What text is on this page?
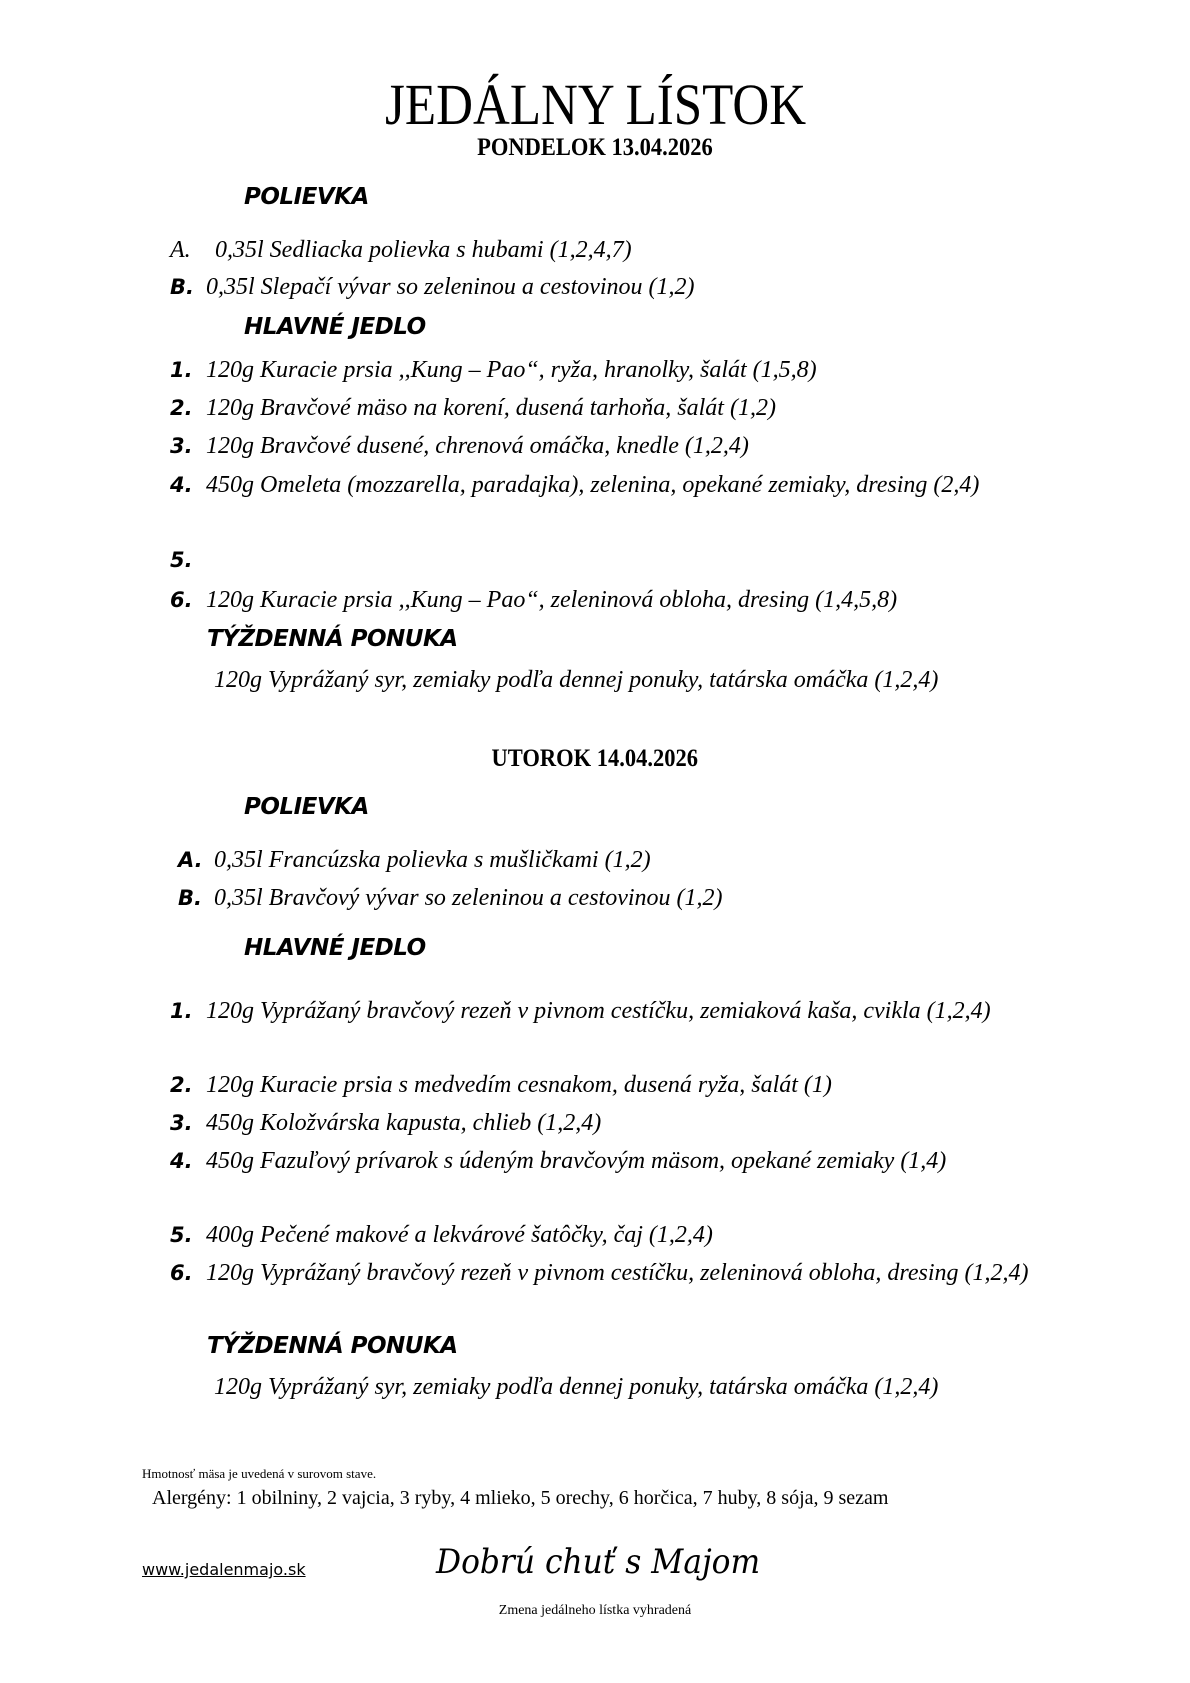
JEDÁLNY LÍSTOK
PONDELOK 13.04.2026
POLIEVKA
A. 0,35l Sedliacka polievka s hubami (1,2,4,7)
B. 0,35l Slepačí vývar so zeleninou a cestovinou (1,2)
HLAVNÉ JEDLO
1. 120g Kuracie prsia ,,Kung – Pao“, ryža, hranolky, šalát (1,5,8)
2. 120g Bravčové mäso na korení, dusená tarhoňa, šalát (1,2)
3. 120g Bravčové dusené, chrenová omáčka, knedle (1,2,4)
4. 450g Omeleta (mozzarella, paradajka), zelenina, opekané zemiaky, dresing (2,4)
5.
6. 120g Kuracie prsia ,,Kung – Pao“, zeleninová obloha, dresing (1,4,5,8)
TÝŽDENNÁ PONUKA
120g Vyprážaný syr, zemiaky podľa dennej ponuky, tatárska omáčka (1,2,4)
UTOROK 14.04.2026
POLIEVKA
A. 0,35l Francúzska polievka s mušličkami (1,2)
B. 0,35l Bravčový vývar so zeleninou a cestovinou (1,2)
HLAVNÉ JEDLO
1. 120g Vyprážaný bravčový rezeň v pivnom cestíčku, zemiaková kaša, cvikla (1,2,4)
2. 120g Kuracie prsia s medvedím cesnakom, dusená ryža, šalát (1)
3. 450g Koložvárska kapusta, chlieb (1,2,4)
4. 450g Fazuľový prívarok s údeným bravčovým mäsom, opekané zemiaky (1,4)
5. 400g Pečené makové a lekvárové šatôčky, čaj (1,2,4)
6. 120g Vyprážaný bravčový rezeň v pivnom cestíčku, zeleninová obloha, dresing (1,2,4)
TÝŽDENNÁ PONUKA
120g Vyprážaný syr, zemiaky podľa dennej ponuky, tatárska omáčka (1,2,4)
Hmotnosť mäsa je uvedená v surovom stave.
Alergény: 1 obilniny, 2 vajcia, 3 ryby, 4 mlieko, 5 orechy, 6 horčica, 7 huby, 8 sója, 9 sezam
www.jedalenmajo.sk	Dobrú chuť s Majom
Zmena jedálneho lístka vyhradená
